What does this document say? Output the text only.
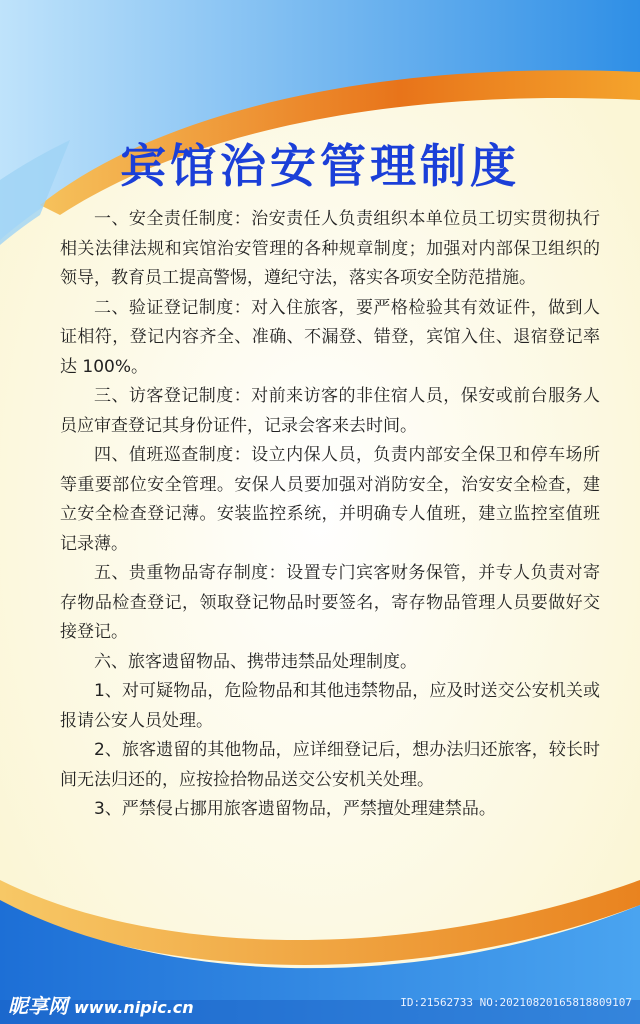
宾馆治安管理制度

一、安全责任制度：治安责任人负责组织本单位员工切实贯彻执行相关法律法规和宾馆治安管理的各种规章制度；加强对内部保卫组织的领导，教育员工提高警惕，遵纪守法，落实各项安全防范措施。

二、验证登记制度：对入住旅客，要严格检验其有效证件，做到人证相符，登记内容齐全、准确、不漏登、错登，宾馆入住、退宿登记率达 100%。

三、访客登记制度：对前来访客的非住宿人员，保安或前台服务人员应审查登记其身份证件，记录会客来去时间。

四、值班巡查制度：设立内保人员，负责内部安全保卫和停车场所等重要部位安全管理。安保人员要加强对消防安全，治安安全检查，建立安全检查登记薄。安装监控系统，并明确专人值班，建立监控室值班记录薄。

五、贵重物品寄存制度：设置专门宾客财务保管，并专人负责对寄存物品检查登记，领取登记物品时要签名，寄存物品管理人员要做好交接登记。

六、旅客遗留物品、携带违禁品处理制度。

1、对可疑物品，危险物品和其他违禁物品，应及时送交公安机关或报请公安人员处理。

2、旅客遗留的其他物品，应详细登记后，想办法归还旅客，较长时间无法归还的，应按捡拾物品送交公安机关处理。

3、严禁侵占挪用旅客遗留物品，严禁擅处理建禁品。

昵享网 www.nipic.cn	ID:21562733 NO:20210820165818809107
